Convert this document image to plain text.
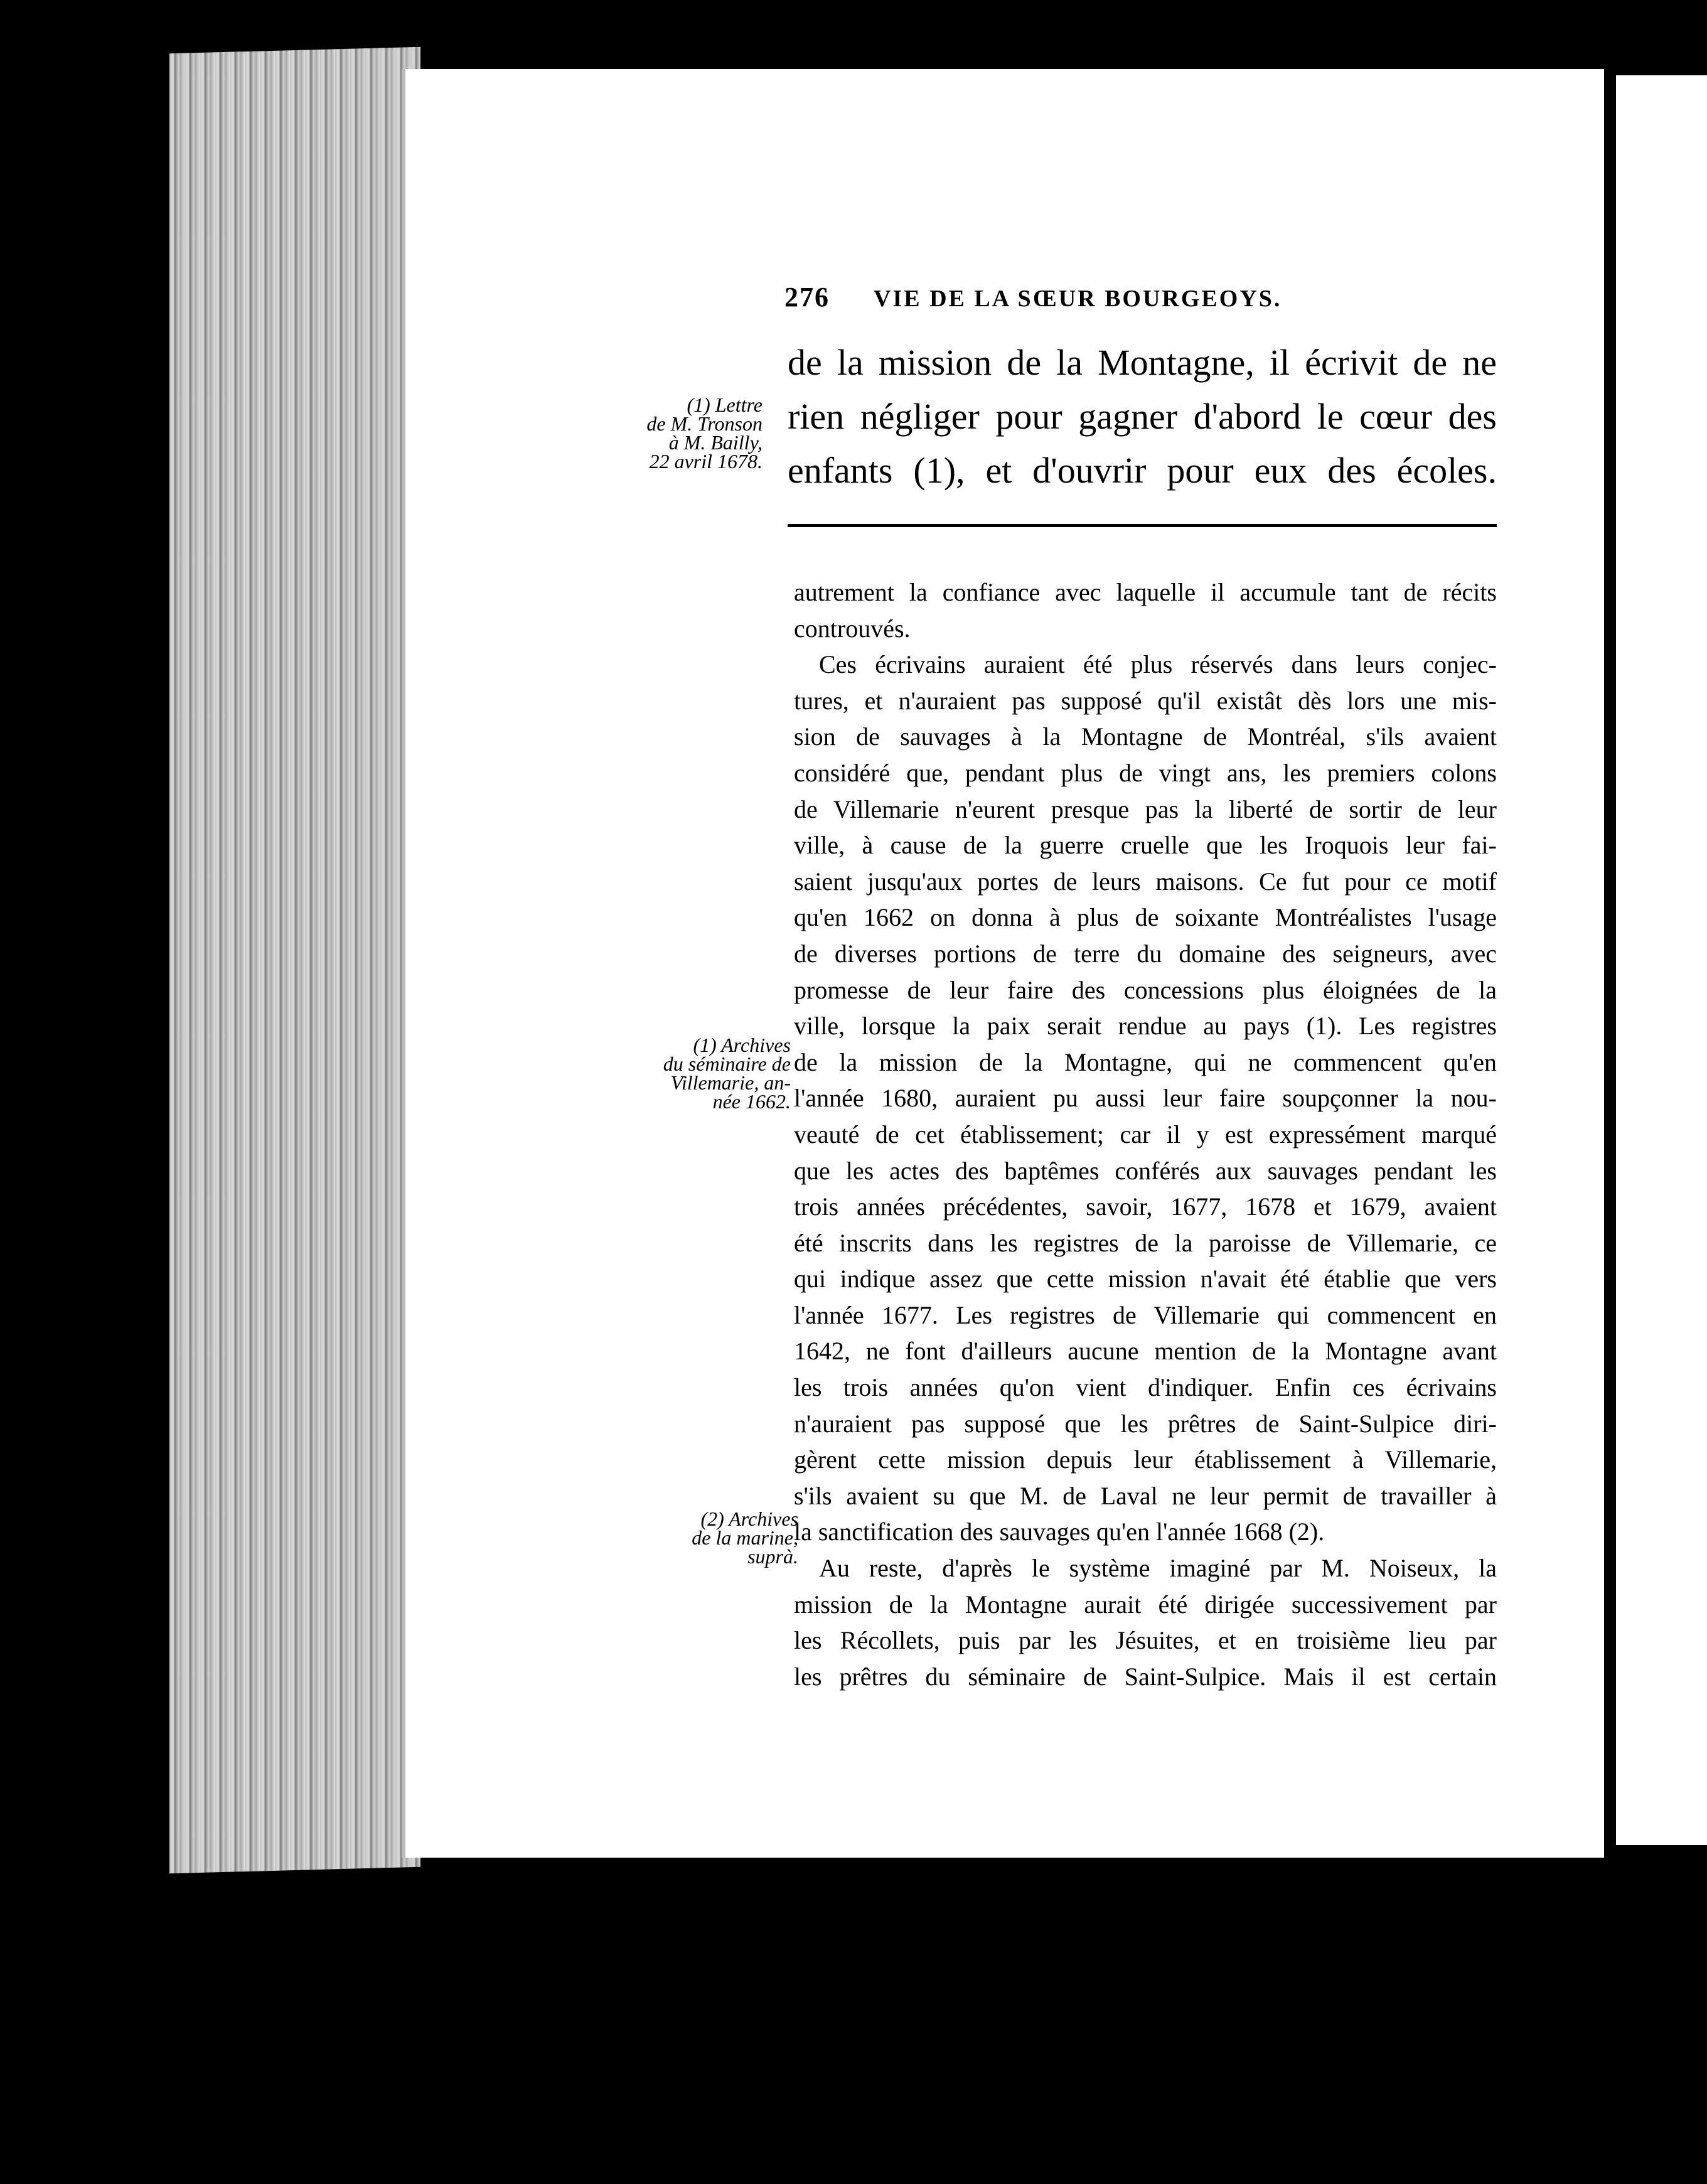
276 VIE DE LA SŒUR BOURGEOYS.
de la mission de la Montagne, il écrivit de ne
rien négliger pour gagner d'abord le cœur des
enfants (1), et d'ouvrir pour eux des écoles.
(1) Lettre
de M. Tronson
à M. Bailly,
22 avril 1678.
(1) Archives
du séminaire de
Villemarie, an-
née 1662.
(2) Archives
de la marine,
suprà.
autrement la confiance avec laquelle il accumule tant de récits
controuvés.
Ces écrivains auraient été plus réservés dans leurs conjec-
tures, et n'auraient pas supposé qu'il existât dès lors une mis-
sion de sauvages à la Montagne de Montréal, s'ils avaient
considéré que, pendant plus de vingt ans, les premiers colons
de Villemarie n'eurent presque pas la liberté de sortir de leur
ville, à cause de la guerre cruelle que les Iroquois leur fai-
saient jusqu'aux portes de leurs maisons. Ce fut pour ce motif
qu'en 1662 on donna à plus de soixante Montréalistes l'usage
de diverses portions de terre du domaine des seigneurs, avec
promesse de leur faire des concessions plus éloignées de la
ville, lorsque la paix serait rendue au pays (1). Les registres
de la mission de la Montagne, qui ne commencent qu'en
l'année 1680, auraient pu aussi leur faire soupçonner la nou-
veauté de cet établissement; car il y est expressément marqué
que les actes des baptêmes conférés aux sauvages pendant les
trois années précédentes, savoir, 1677, 1678 et 1679, avaient
été inscrits dans les registres de la paroisse de Villemarie, ce
qui indique assez que cette mission n'avait été établie que vers
l'année 1677. Les registres de Villemarie qui commencent en
1642, ne font d'ailleurs aucune mention de la Montagne avant
les trois années qu'on vient d'indiquer. Enfin ces écrivains
n'auraient pas supposé que les prêtres de Saint-Sulpice diri-
gèrent cette mission depuis leur établissement à Villemarie,
s'ils avaient su que M. de Laval ne leur permit de travailler à
la sanctification des sauvages qu'en l'année 1668 (2).
Au reste, d'après le système imaginé par M. Noiseux, la
mission de la Montagne aurait été dirigée successivement par
les Récollets, puis par les Jésuites, et en troisième lieu par
les prêtres du séminaire de Saint-Sulpice. Mais il est certain
